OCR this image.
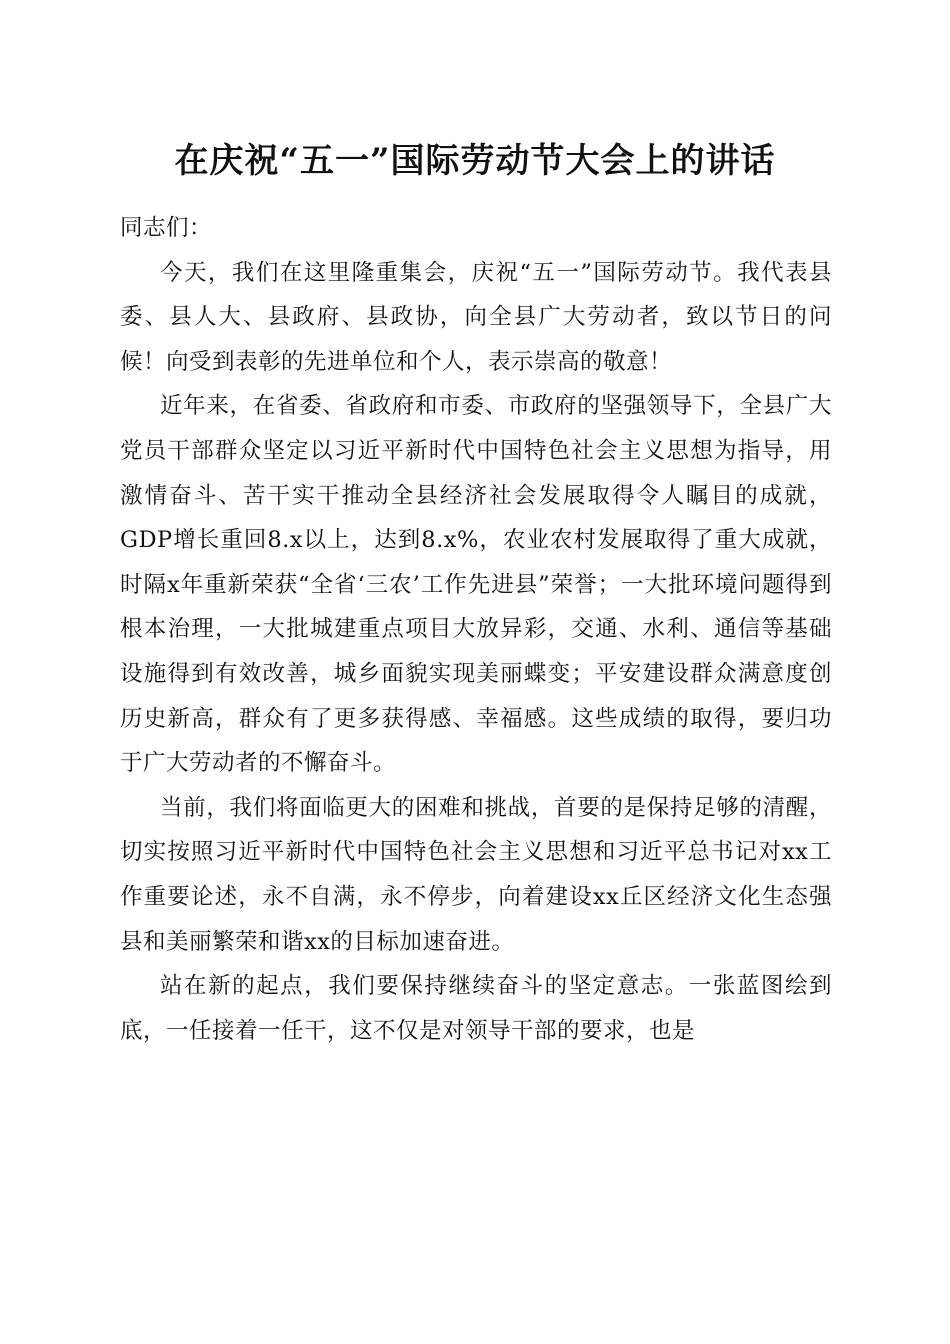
在庆祝“五一”国际劳动节大会上的讲话

同志们：

今天，我们在这里隆重集会，庆祝“五一”国际劳动节。我代表县委、县人大、县政府、县政协，向全县广大劳动者，致以节日的问候！向受到表彰的先进单位和个人，表示崇高的敬意！

近年来，在省委、省政府和市委、市政府的坚强领导下，全县广大党员干部群众坚定以习近平新时代中国特色社会主义思想为指导，用激情奋斗、苦干实干推动全县经济社会发展取得令人瞩目的成就，GDP增长重回8.x以上，达到8.x%，农业农村发展取得了重大成就，时隔x年重新荣获“全省‘三农’工作先进县”荣誉；一大批环境问题得到根本治理，一大批城建重点项目大放异彩，交通、水利、通信等基础设施得到有效改善，城乡面貌实现美丽蝶变；平安建设群众满意度创历史新高，群众有了更多获得感、幸福感。这些成绩的取得，要归功于广大劳动者的不懈奋斗。

当前，我们将面临更大的困难和挑战，首要的是保持足够的清醒，切实按照习近平新时代中国特色社会主义思想和习近平总书记对xx工作重要论述，永不自满，永不停步，向着建设xx丘区经济文化生态强县和美丽繁荣和谐xx的目标加速奋进。

站在新的起点，我们要保持继续奋斗的坚定意志。一张蓝图绘到底，一任接着一任干，这不仅是对领导干部的要求，也是
